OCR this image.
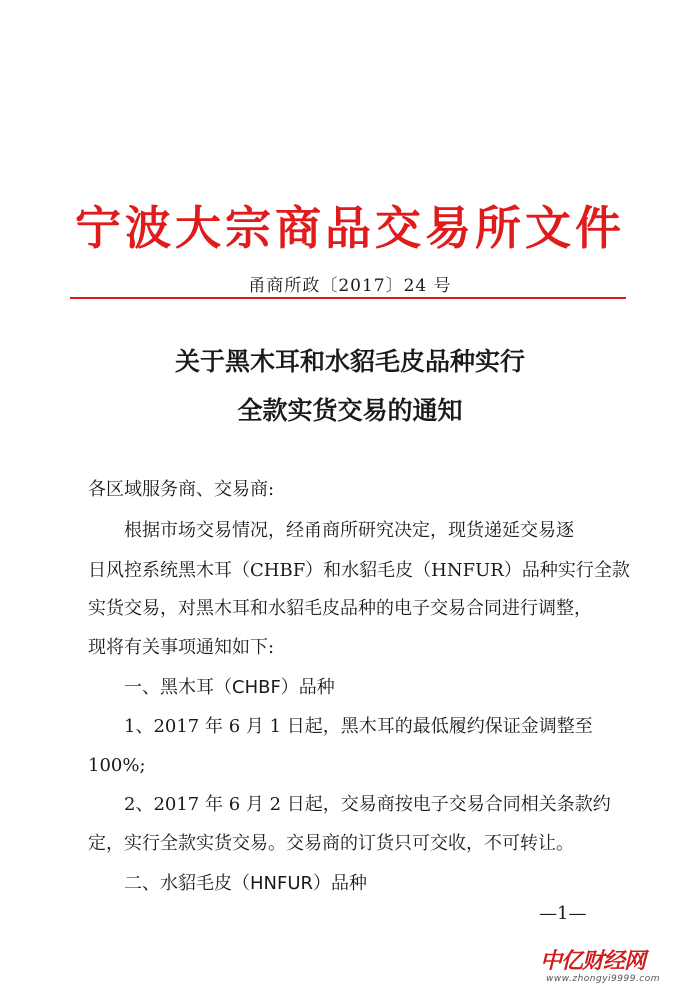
宁波大宗商品交易所文件
甬商所政〔2017〕24 号
关于黑木耳和水貂毛皮品种实行
全款实货交易的通知
各区域服务商、交易商:
根据市场交易情况，经甬商所研究决定，现货递延交易逐
日风控系统黑木耳（CHBF）和水貂毛皮（HNFUR）品种实行全款
实货交易，对黑木耳和水貂毛皮品种的电子交易合同进行调整，
现将有关事项通知如下:
一、黑木耳（CHBF）品种
1、2017 年 6 月 1 日起，黑木耳的最低履约保证金调整至
100%;
2、2017 年 6 月 2 日起，交易商按电子交易合同相关条款约
定，实行全款实货交易。交易商的订货只可交收，不可转让。
二、水貂毛皮（HNFUR）品种
—1—
中亿财经网
www.zhongyi9999.com
